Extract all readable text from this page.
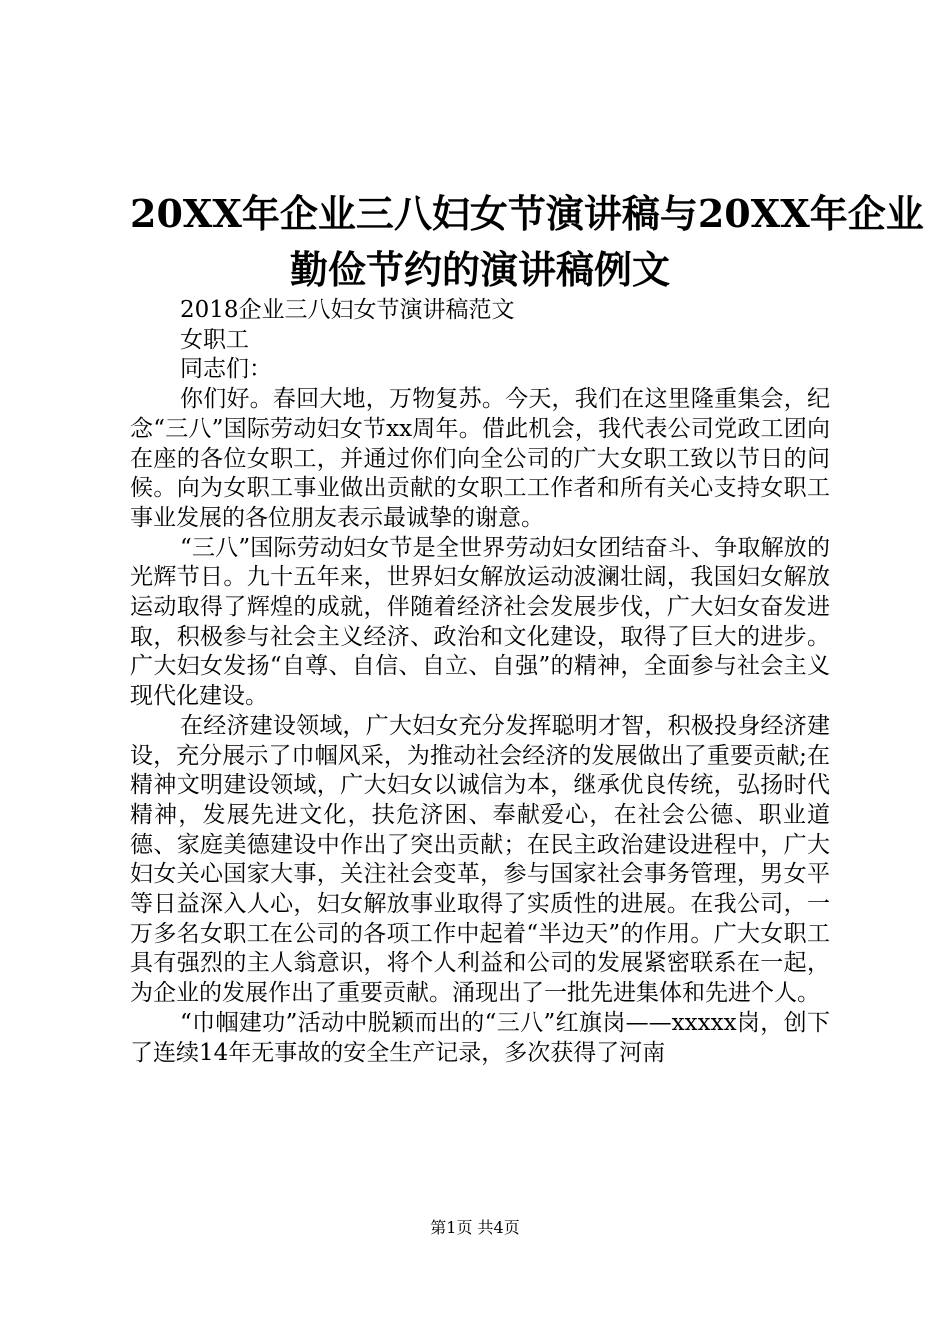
20XX年企业三八妇女节演讲稿与20XX年企业
勤俭节约的演讲稿例文

2018企业三八妇女节演讲稿范文

女职工

同志们：

你们好。春回大地，万物复苏。今天，我们在这里隆重集会，纪念“三八”国际劳动妇女节xx周年。借此机会，我代表公司党政工团向在座的各位女职工，并通过你们向全公司的广大女职工致以节日的问候。向为女职工事业做出贡献的女职工工作者和所有关心支持女职工事业发展的各位朋友表示最诚挚的谢意。

“三八”国际劳动妇女节是全世界劳动妇女团结奋斗、争取解放的光辉节日。九十五年来，世界妇女解放运动波澜壮阔，我国妇女解放运动取得了辉煌的成就，伴随着经济社会发展步伐，广大妇女奋发进取，积极参与社会主义经济、政治和文化建设，取得了巨大的进步。广大妇女发扬“自尊、自信、自立、自强”的精神，全面参与社会主义现代化建设。

在经济建设领域，广大妇女充分发挥聪明才智，积极投身经济建设，充分展示了巾帼风采，为推动社会经济的发展做出了重要贡献;在精神文明建设领域，广大妇女以诚信为本，继承优良传统，弘扬时代精神，发展先进文化，扶危济困、奉献爱心，在社会公德、职业道德、家庭美德建设中作出了突出贡献；在民主政治建设进程中，广大妇女关心国家大事，关注社会变革，参与国家社会事务管理，男女平等日益深入人心，妇女解放事业取得了实质性的进展。在我公司，一万多名女职工在公司的各项工作中起着“半边天”的作用。广大女职工具有强烈的主人翁意识，将个人利益和公司的发展紧密联系在一起，为企业的发展作出了重要贡献。涌现出了一批先进集体和先进个人。

“巾帼建功”活动中脱颖而出的“三八”红旗岗——xxxxx岗，创下了连续14年无事故的安全生产记录，多次获得了河南

第1页 共4页
